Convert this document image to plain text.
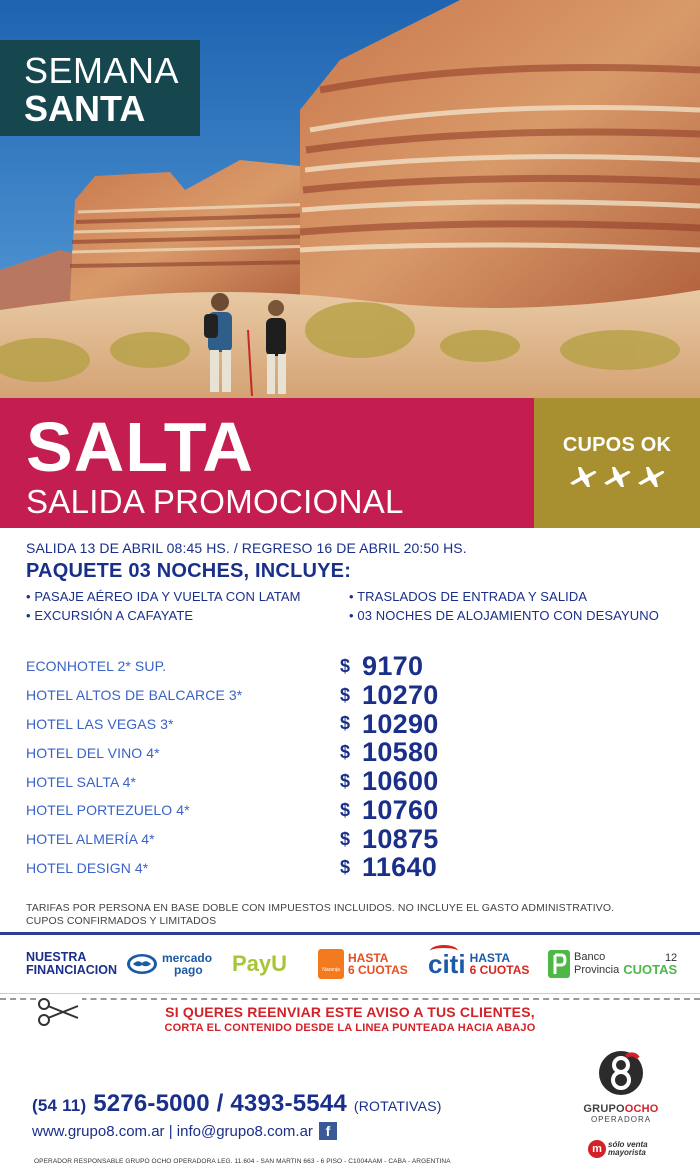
SEMANA
SANTA
SALTA
SALIDA PROMOCIONAL
CUPOS OK
SALIDA 13 DE ABRIL 08:45 HS. / REGRESO 16 DE ABRIL 20:50 HS.
PAQUETE 03 NOCHES, INCLUYE:
• PASAJE AÉREO IDA Y VUELTA CON LATAM	• TRASLADOS DE ENTRADA Y SALIDA
• EXCURSIÓN A CAFAYATE	• 03 NOCHES DE ALOJAMIENTO CON DESAYUNO
ECONHOTEL 2* SUP.	$ 9170
HOTEL ALTOS DE BALCARCE 3*	$ 10270
HOTEL LAS VEGAS 3*	$ 10290
HOTEL DEL VINO 4*	$ 10580
HOTEL SALTA 4*	$ 10600
HOTEL PORTEZUELO 4*	$ 10760
HOTEL ALMERÍA 4*	$ 10875
HOTEL DESIGN 4*	$ 11640
TARIFAS POR PERSONA EN BASE DOBLE CON IMPUESTOS INCLUIDOS. NO INCLUYE EL GASTO ADMINISTRATIVO.
CUPOS CONFIRMADOS Y LIMITADOS
NUESTRA
FINANCIACION
mercado
pago	PayU	Naranja
HASTA
6 CUOTAS citi HASTA
6 CUOTAS
Banco
Provincia
12
CUOTAS
SI QUERES REENVIAR ESTE AVISO A TUS CLIENTES,
CORTA EL CONTENIDO DESDE LA LINEA PUNTEADA HACIA ABAJO
(54 11) 5276-5000 / 4393-5544 (ROTATIVAS)
www.grupo8.com.ar | info@grupo8.com.ar f
OPERADOR RESPONSABLE GRUPO OCHO OPERADORA LEG. 11.604 - SAN MARTIN 663 - 6 PISO - C1004AAM - CABA - ARGENTINA
GRUPOOCHO
OPERADORA
m sólo venta
mayorista
